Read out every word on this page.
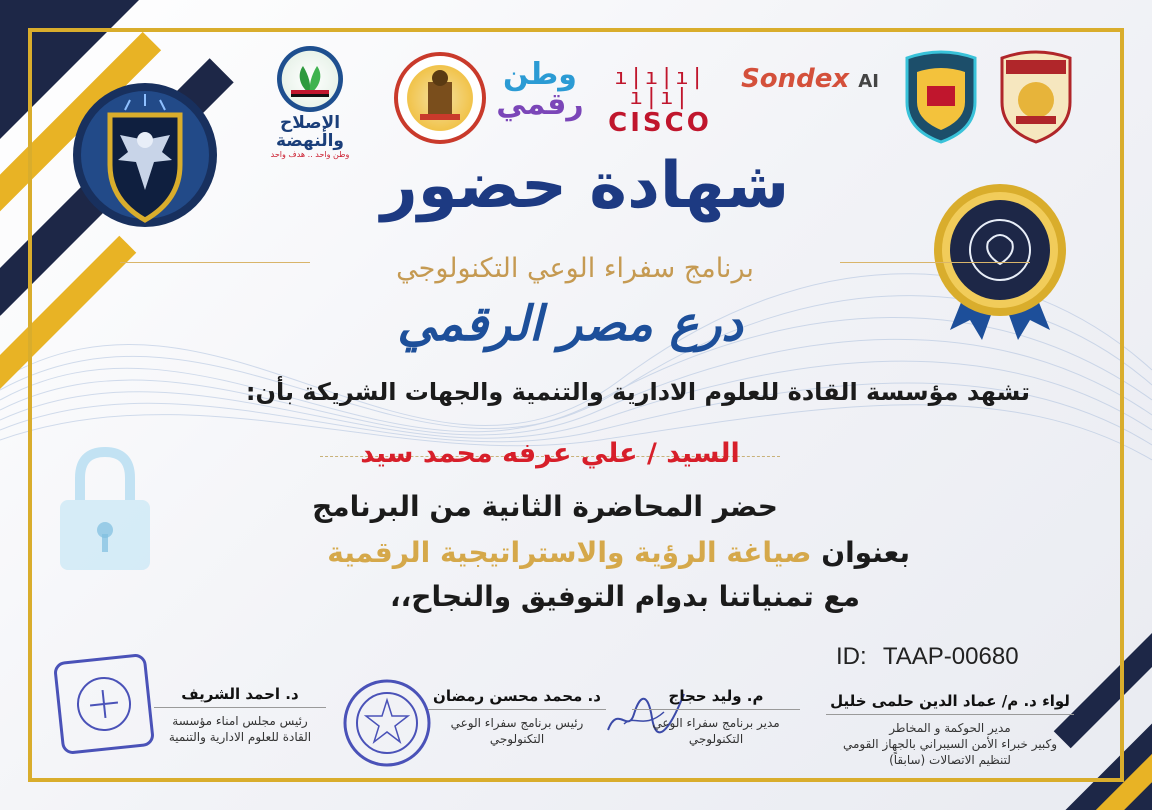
الإصلاح والنهضة
وطن واحد .. هدف واحد
وطن
رقمي
ı|ı|ı|ı|ı|
CISCO
Sondex AI
شهادة حضور
برنامج سفراء الوعي التكنولوجي
درع مصر الرقمي
تشهد مؤسسة القادة للعلوم الادارية والتنمية والجهات الشريكة بأن:
السيد / علي عرفه محمد سيد
حضر المحاضرة الثانية من البرنامج
بعنوان صياغة الرؤية والاستراتيجية الرقمية
مع تمنياتنا بدوام التوفيق والنجاح،،
ID: TAAP-00680
لواء د. م/ عماد الدين حلمى خليل
مدير الحوكمة و المخاطر
وكبير خبراء الأمن السيبراني بالجهاز القومي
لتنظيم الاتصالات (سابقاً)
م. وليد حجاج
مدير برنامج سفراء الوعي
التكنولوجي
د. محمد محسن رمضان
رئيس برنامج سفراء الوعي
التكنولوجي
د. احمد الشريف
رئيس مجلس امناء مؤسسة
القادة للعلوم الادارية والتنمية
